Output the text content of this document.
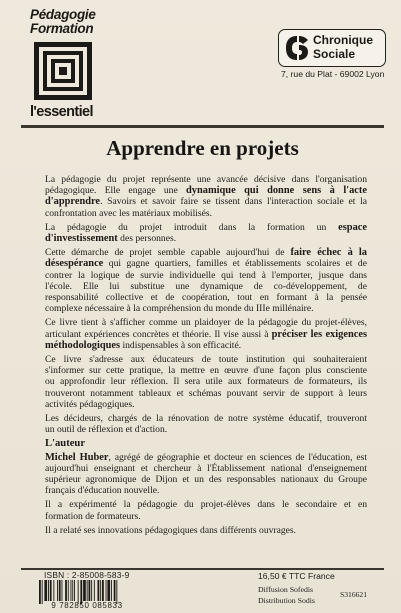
Pédagogie
Formation
l'essentiel
Chronique
Sociale
7, rue du Plat - 69002 Lyon
Apprendre en projets

La pédagogie du projet représente une avancée décisive dans l'organisation
pédagogique. Elle engage une dynamique qui donne sens à l'acte
d'apprendre. Savoirs et savoir faire se tissent dans l'interaction sociale et la
confrontation avec les matériaux mobilisés.

La pédagogie du projet introduit dans la formation un espace
d'investissement des personnes.

Cette démarche de projet semble capable aujourd'hui de faire échec à la
désespérance qui gagne quartiers, familles et établissements scolaires et de
contrer la logique de survie individuelle qui tend à l'emporter, jusque dans
l'école. Elle lui substitue une dynamique de co-développement, de
responsabilité collective et de coopération, tout en formant à la pensée
complexe nécessaire à la compréhension du monde du IIIe millénaire.

Ce livre tient à s'afficher comme un plaidoyer de la pédagogie du projet-élèves,
articulant expériences concrètes et théorie. Il vise aussi à préciser les exigences
méthodologiques indispensables à son efficacité.

Ce livre s'adresse aux éducateurs de toute institution qui souhaiteraient
s'informer sur cette pratique, la mettre en œuvre d'une façon plus consciente
ou approfondir leur réflexion. Il sera utile aux formateurs de formateurs, ils
trouveront notamment tableaux et schémas pouvant servir de support à leurs
activités pédagogiques.

Les décideurs, chargés de la rénovation de notre système éducatif, trouveront
un outil de réflexion et d'action.

L'auteur

Michel Huber, agrégé de géographie et docteur en sciences de l'éducation, est
aujourd'hui enseignant et chercheur à l'Établissement national d'enseignement
supérieur agronomique de Dijon et un des responsables nationaux du Groupe
français d'éducation nouvelle.

Il a expérimenté la pédagogie du projet-élèves dans le secondaire et en
formation de formateurs.

Il a relaté ses innovations pédagogiques dans différents ouvrages.

ISBN : 2-85008-583-9	16,50 € TTC France
9 782850 085833
Diffusion Sofedis
Distribution Sodis
S316621
